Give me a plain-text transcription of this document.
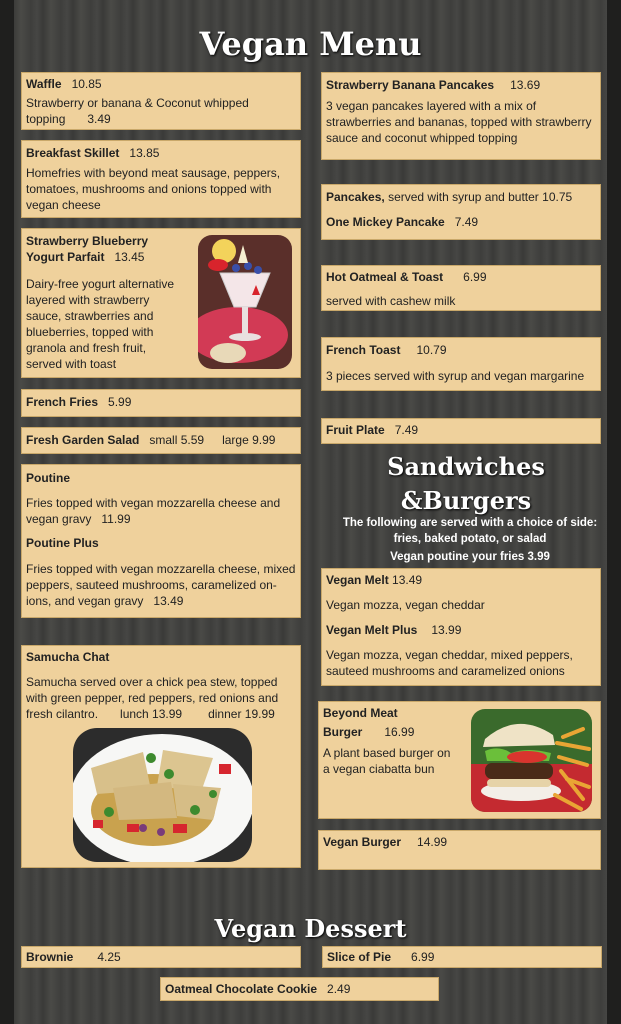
Vegan Menu
Waffle 10.85
Strawberry or banana & Coconut whipped topping 3.49
Breakfast Skillet 13.85
Homefries with beyond meat sausage, peppers, tomatoes, mushrooms and onions topped with vegan cheese
Strawberry Blueberry
Yogurt Parfait 13.45
Dairy-free yogurt alternative layered with strawberry sauce, strawberries and blueberries, topped with granola and fresh fruit, served with toast
French Fries 5.99
Fresh Garden Salad small 5.59 large 9.99
Poutine
Fries topped with vegan mozzarella cheese and vegan gravy 11.99
Poutine Plus
Fries topped with vegan mozzarella cheese, mixed peppers, sauteed mushrooms, caramelized on-ions, and vegan gravy 13.49
Samucha Chat
Samucha served over a chick pea stew, topped with green pepper, red peppers, red onions and fresh cilantro. lunch 13.99 dinner 19.99
Strawberry Banana Pancakes 13.69
3 vegan pancakes layered with a mix of strawberries and bananas, topped with strawberry sauce and coconut whipped topping
Pancakes, served with syrup and butter 10.75
One Mickey Pancake 7.49
Hot Oatmeal & Toast 6.99
served with cashew milk
French Toast 10.79
3 pieces served with syrup and vegan margarine
Fruit Plate 7.49
Sandwiches
&Burgers
The following are served with a choice of side:
fries, baked potato, or salad
Vegan poutine your fries 3.99
Vegan Melt 13.49
Vegan mozza, vegan cheddar
Vegan Melt Plus 13.99
Vegan mozza, vegan cheddar, mixed peppers, sauteed mushrooms and caramelized onions
Beyond Meat
Burger 16.99
A plant based burger on a vegan ciabatta bun
Vegan Burger 14.99
Vegan Dessert
Brownie 4.25	Slice of Pie 6.99
Oatmeal Chocolate Cookie 2.49
